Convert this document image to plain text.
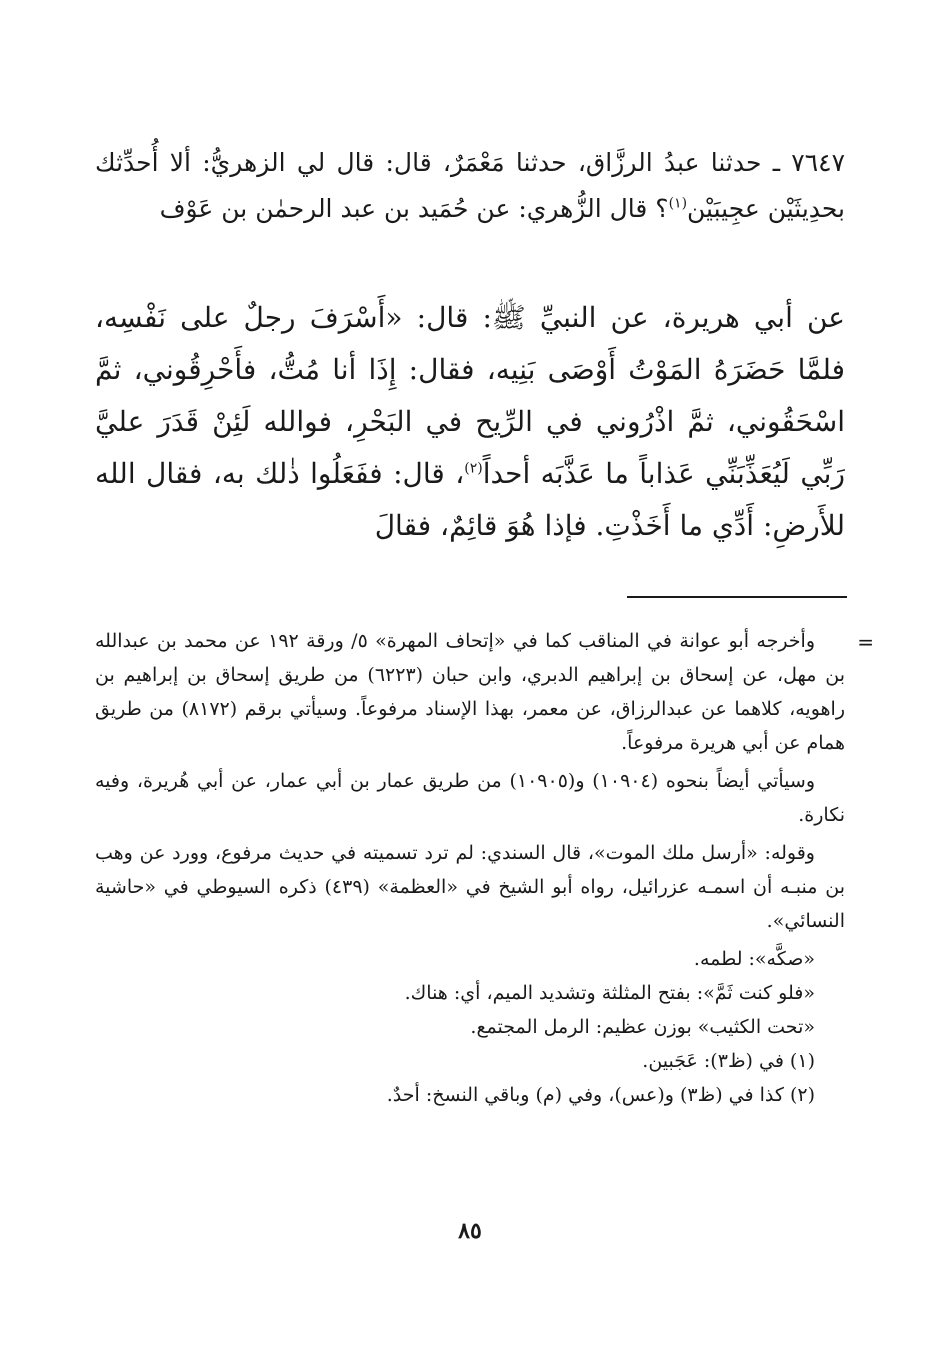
٧٦٤٧ ـ حدثنا عبدُ الرزَّاق، حدثنا مَعْمَرٌ، قال: قال لي الزهريُّ: ألا أُحدِّثك بحدِيثَيْن عجِيبَيْن$^{(١)}$؟ قال الزُّهري: عن حُمَيد بن عبد الرحمٰن بن عَوْف

عن أبي هريرة، عن النبيِّ ﷺ: قال: «أَسْرَفَ رجلٌ على نَفْسِه، فلمَّا حَضَرَهُ المَوْتُ أَوْصَى بَنِيه، فقال: إِذَا أنا مُتُّ، فأَحْرِقُوني، ثمَّ اسْحَقُوني، ثمَّ اذْرُوني في الرِّيح في البَحْرِ، فوالله لَئِنْ قَدَرَ عليَّ رَبِّي لَيُعَذِّبَنِّي عَذاباً ما عَذَّبَه أحداً$^{(٢)}$، قال: ففَعَلُوا ذٰلك به، فقال الله للأَرضِ: أَدِّي ما أَخَذْتِ. فإذا هُوَ قائِمٌ، فقالَ

=

وأخرجه أبو عوانة في المناقب كما في «إتحاف المهرة» ٥/ ورقة ١٩٢ عن محمد بن عبدالله بن مهل، عن إسحاق بن إبراهيم الدبري، وابن حبان (٦٢٢٣) من طريق إسحاق بن إبراهيم بن راهويه، كلاهما عن عبدالرزاق، عن معمر، بهذا الإسناد مرفوعاً. وسيأتي برقم (٨١٧٢) من طريق همام عن أبي هريرة مرفوعاً.

وسيأتي أيضاً بنحوه (١٠٩٠٤) و(١٠٩٠٥) من طريق عمار بن أبي عمار، عن أبي هُريرة، وفيه نكارة.

وقوله: «أرسل ملك الموت»، قال السندي: لم ترد تسميته في حديث مرفوع، وورد عن وهب بن منبـه أن اسمـه عزرائيل، رواه أبو الشيخ في «العظمة» (٤٣٩) ذكره السيوطي في «حاشية النسائي».

«صكَّه»: لطمه.

«فلو كنت ثَمَّ»: بفتح المثلثة وتشديد الميم، أي: هناك.

«تحت الكثيب» بوزن عظيم: الرمل المجتمع.

(١) في (ظ٣): عَجَبين.

(٢) كذا في (ظ٣) و(عس)، وفي (م) وباقي النسخ: أحدٌ.

٨٥
